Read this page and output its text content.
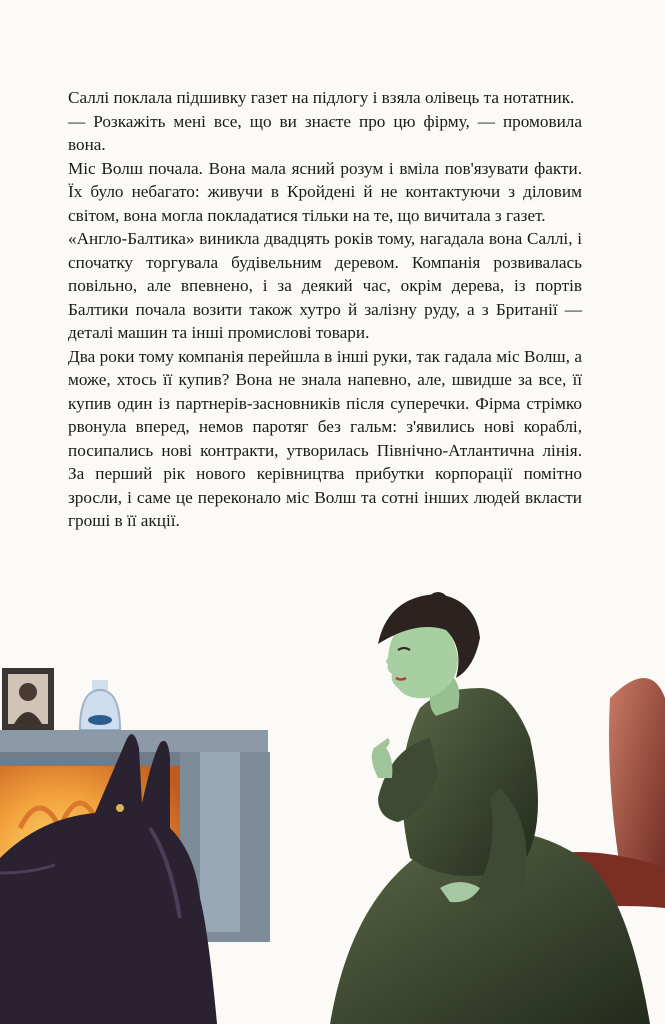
Саллі поклала підшивку газет на підлогу і взяла олівець та нотатник.

— Розкажіть мені все, що ви знаєте про цю фірму, — промовила вона.

Міс Волш почала. Вона мала ясний розум і вміла пов'язувати факти. Їх було небагато: живучи в Кройдені й не контактуючи з діловим світом, вона могла покладатися тільки на те, що вичитала з газет.

«Англо-Балтика» виникла двадцять років тому, нагадала вона Саллі, і спочатку торгувала будівельним деревом. Компанія розвивалась повільно, але впевнено, і за деякий час, окрім дерева, із портів Балтики почала возити також хутро й залізну руду, а з Британії — деталі машин та інші промислові товари.

Два роки тому компанія перейшла в інші руки, так гадала міс Волш, а може, хтось її купив? Вона не знала напевно, але, швидше за все, її купив один із партнерів-засновників після суперечки. Фірма стрімко рвонула вперед, немов паротяг без гальм: з'явились нові кораблі, посипались нові контракти, утворилась Північно-Атлантична лінія. За перший рік нового керівництва прибутки корпорації помітно зросли, і саме це переконало міс Волш та сотні інших людей вкласти гроші в її акції.
